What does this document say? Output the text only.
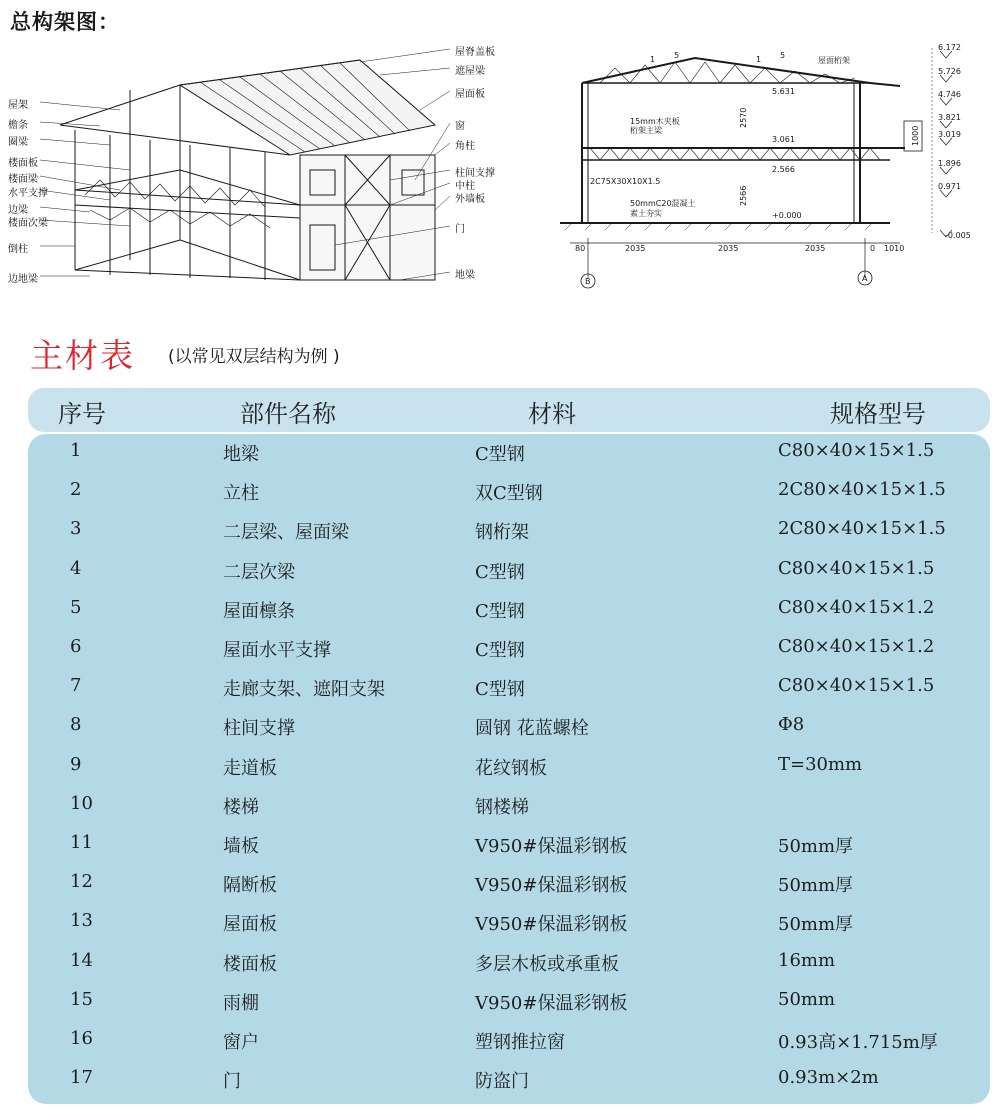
总构架图：
屋架
檐条
圈梁
楼面板
楼面梁
水平支撑
边梁
楼面次梁
倒柱
边地梁
屋脊盖板
遮屋梁
屋面板
窗
角柱
柱间支撑
中柱
外墙板
门
地梁
1 5	1 5
屋面桁架
5.631
3.061
2.566
+0.000
2570
2566
1000
15mm木夹板
桁架主梁
2C75X30X10X1.5
50mmC20混凝土
素土夯实
80	2035	2035	2035	0 1010
B	A
6.172
5.726
4.746
3.821
3.019
1.896
0.971
-0.005
主材表 (以常见双层结构为例 )
序号	部件名称	材料	规格型号
1	地梁	C型钢	C80×40×15×1.5
2	立柱	双C型钢	2C80×40×15×1.5
3	二层梁、屋面梁	钢桁架	2C80×40×15×1.5
4	二层次梁	C型钢	C80×40×15×1.5
5	屋面檩条	C型钢	C80×40×15×1.2
6	屋面水平支撑	C型钢	C80×40×15×1.2
7	走廊支架、遮阳支架	C型钢	C80×40×15×1.5
8	柱间支撑	圆钢 花蓝螺栓	Φ8
9	走道板	花纹钢板	T=30mm
10	楼梯	钢楼梯
11	墙板	V950#保温彩钢板	50mm厚
12	隔断板	V950#保温彩钢板	50mm厚
13	屋面板	V950#保温彩钢板	50mm厚
14	楼面板	多层木板或承重板	16mm
15	雨棚	V950#保温彩钢板	50mm
16	窗户	塑钢推拉窗	0.93高×1.715m厚
17	门	防盗门	0.93m×2m
